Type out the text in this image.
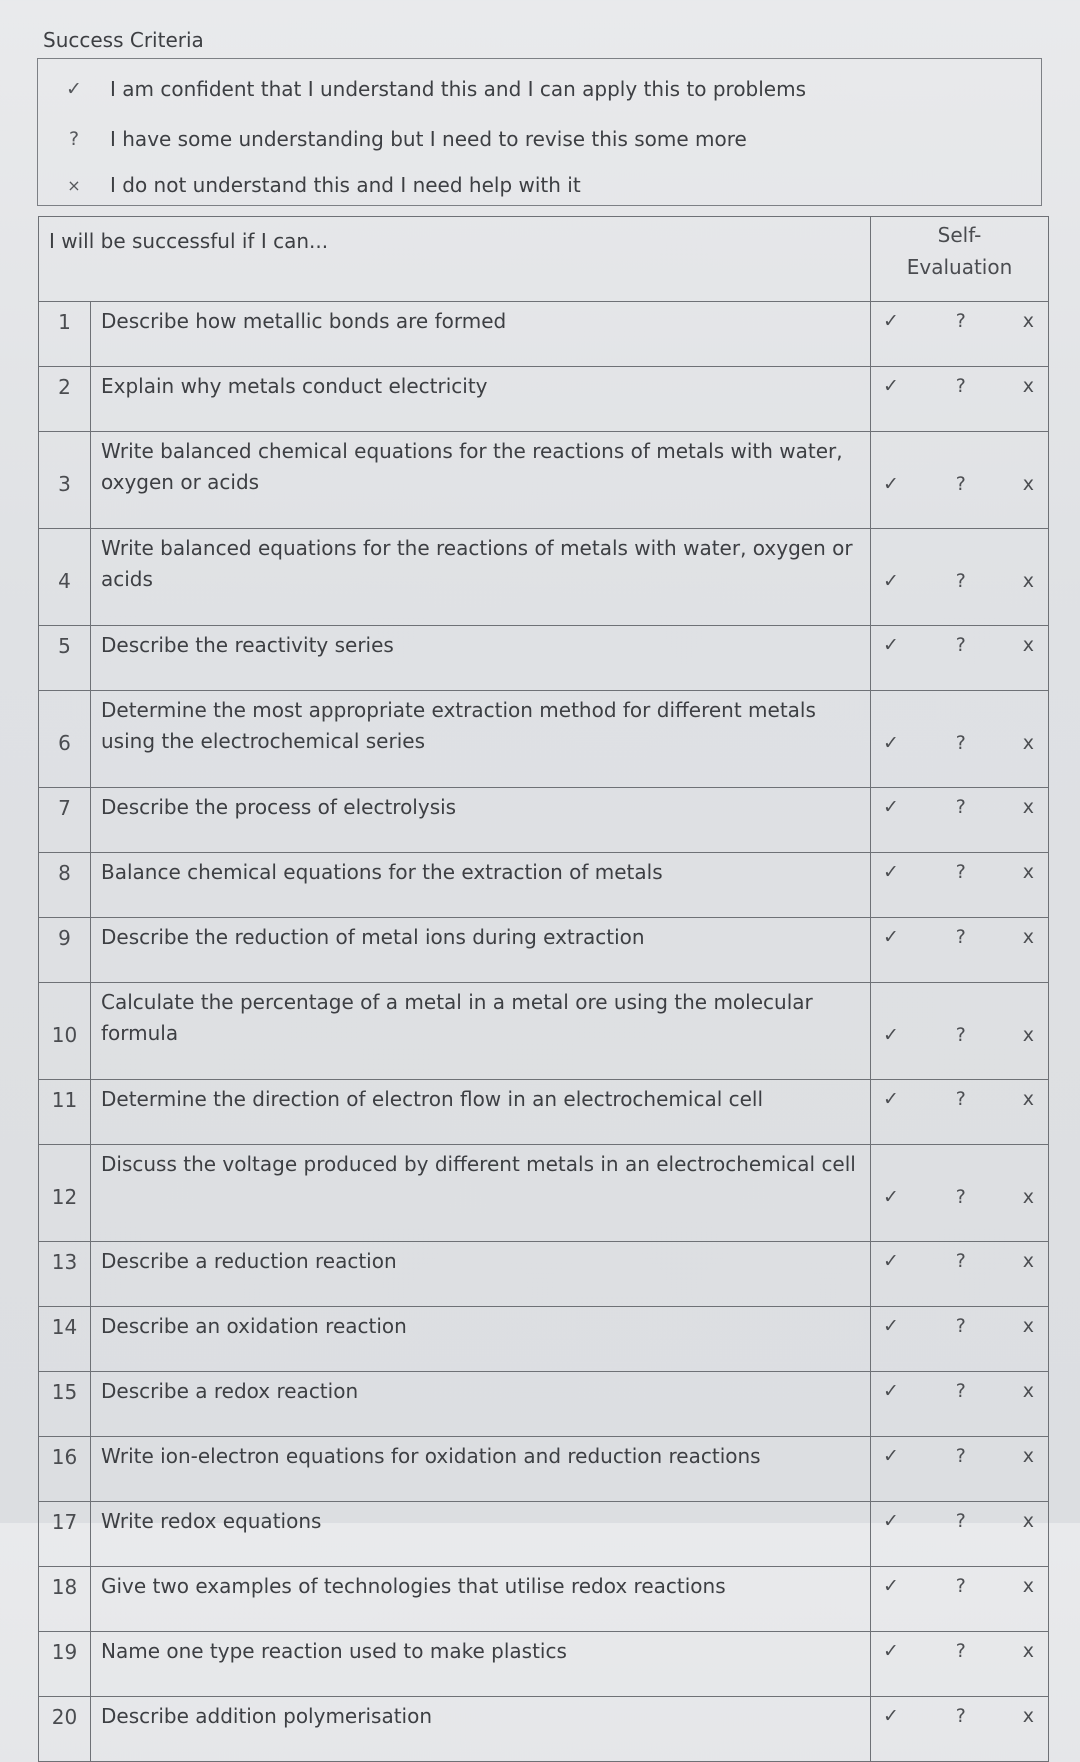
Success Criteria
✓	I am confident that I understand this and I can apply this to problems
?	I have some understanding but I need to revise this some more
×	I do not understand this and I need help with it
I will be successful if I can...		Self-
Evaluation

1	Describe how metallic bonds are formed	✓ ? x

2	Explain why metals conduct electricity	✓ ? x

3	Write balanced chemical equations for the reactions of metals with water, oxygen or acids	✓ ? x

4	Write balanced equations for the reactions of metals with water, oxygen or acids	✓ ? x

5	Describe the reactivity series	✓ ? x

6	Determine the most appropriate extraction method for different metals using the electrochemical series	✓ ? x

7	Describe the process of electrolysis	✓ ? x

8	Balance chemical equations for the extraction of metals	✓ ? x

9	Describe the reduction of metal ions during extraction	✓ ? x

10	Calculate the percentage of a metal in a metal ore using the molecular formula	✓ ? x

11	Determine the direction of electron flow in an electrochemical cell	✓ ? x

12	Discuss the voltage produced by different metals in an electrochemical cell	✓ ? x

13	Describe a reduction reaction	✓ ? x

14	Describe an oxidation reaction	✓ ? x

15	Describe a redox reaction	✓ ? x

16	Write ion-electron equations for oxidation and reduction reactions	✓ ? x

17	Write redox equations	✓ ? x

18	Give two examples of technologies that utilise redox reactions	✓ ? x

19	Name one type reaction used to make plastics	✓ ? x

20	Describe addition polymerisation	✓ ? x
